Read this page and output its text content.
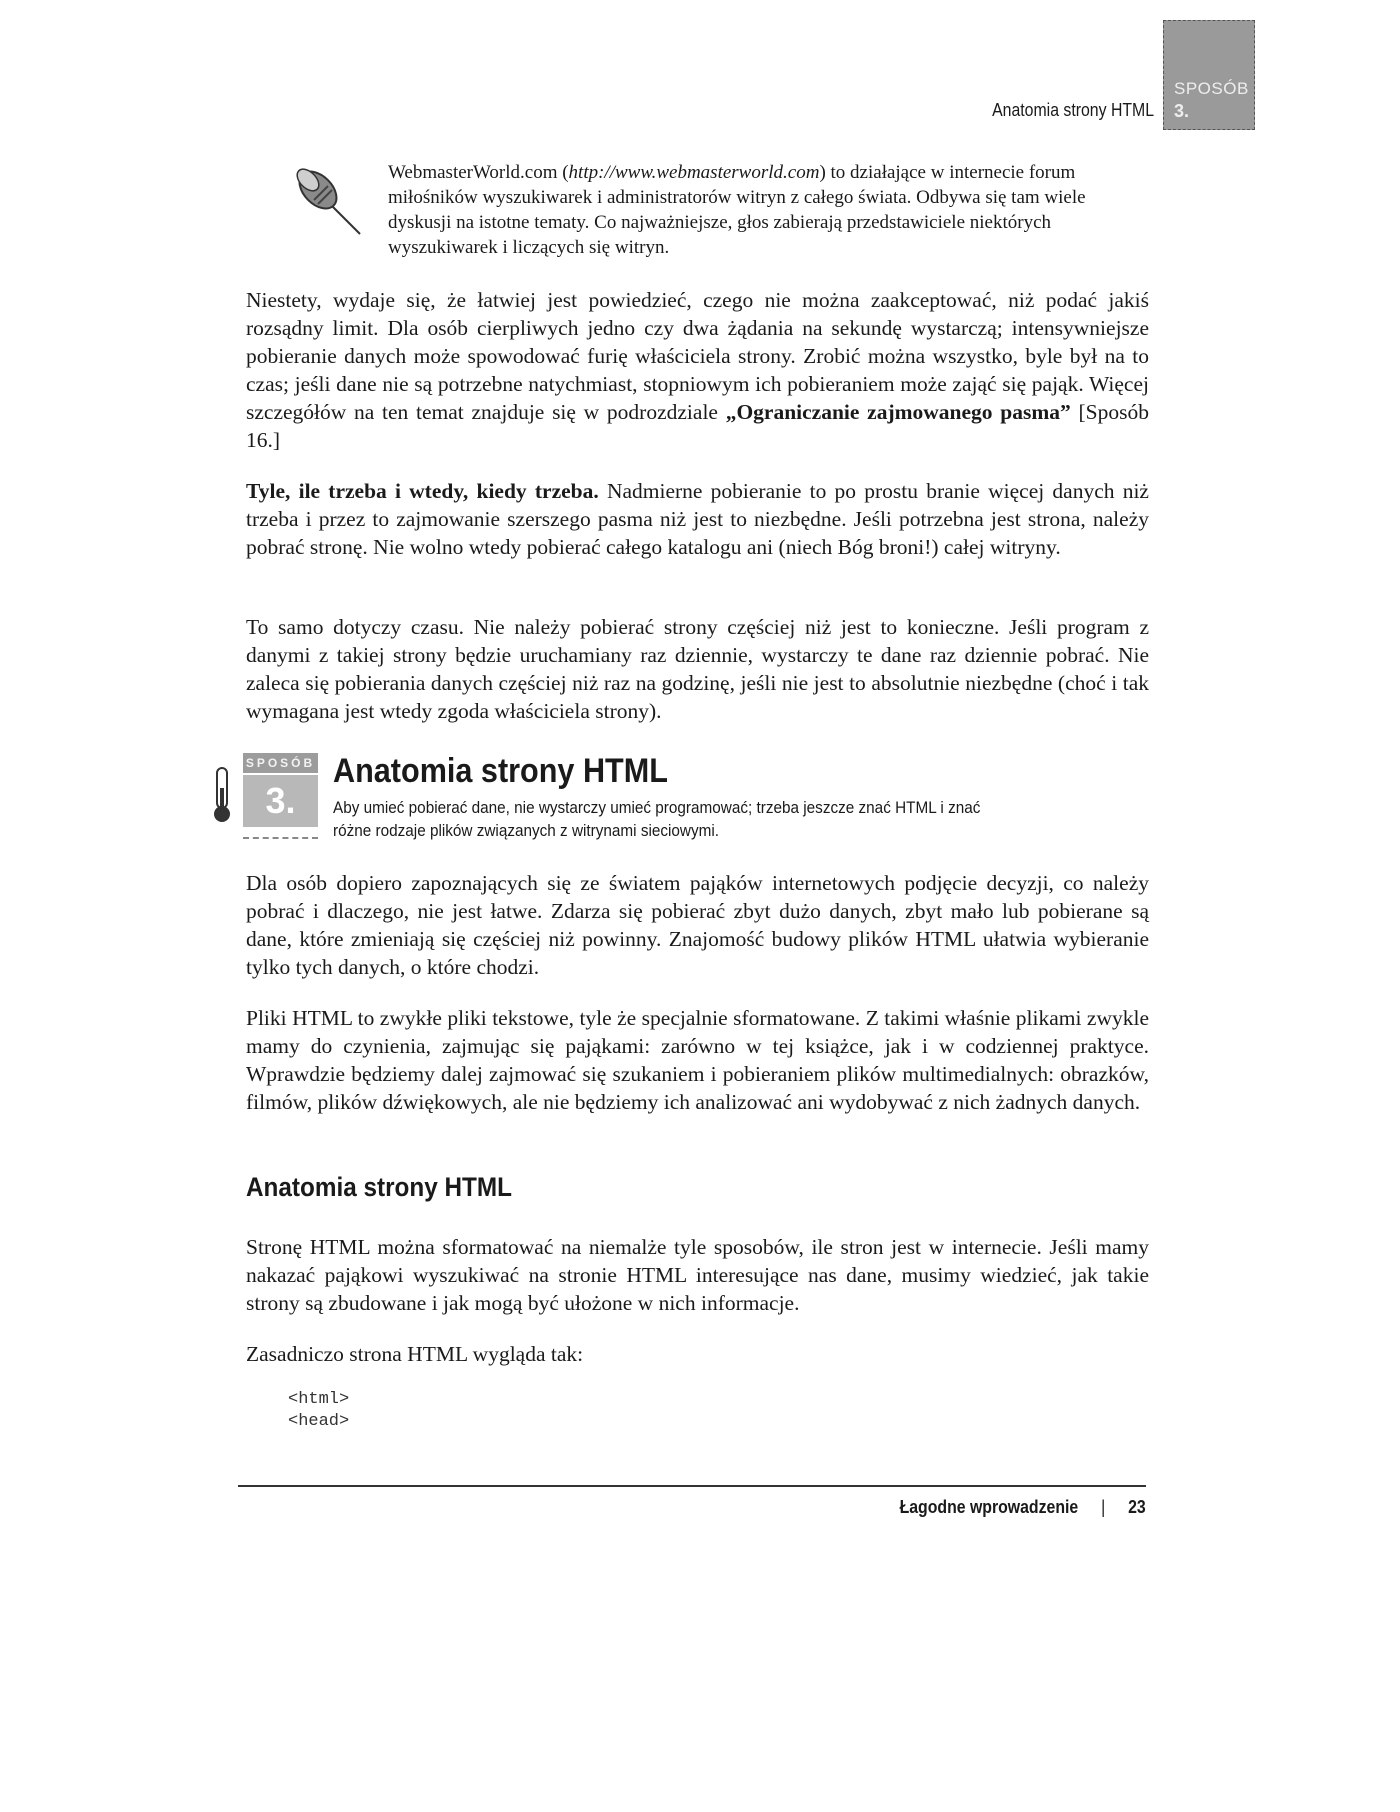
Anatomia strony HTML
SPOSÓB
3.
WebmasterWorld.com (http://www.webmasterworld.com) to działające w internecie forum miłośników wyszukiwarek i administratorów witryn z całego świata. Odbywa się tam wiele dyskusji na istotne tematy. Co najważniejsze, głos zabierają przedstawiciele niektórych wyszukiwarek i liczących się witryn.

Niestety, wydaje się, że łatwiej jest powiedzieć, czego nie można zaakceptować, niż podać jakiś rozsądny limit. Dla osób cierpliwych jedno czy dwa żądania na sekundę wystarczą; intensywniejsze pobieranie danych może spowodować furię właściciela strony. Zrobić można wszystko, byle był na to czas; jeśli dane nie są potrzebne natychmiast, stopniowym ich pobieraniem może zająć się pająk. Więcej szczegółów na ten temat znajduje się w podrozdziale „Ograniczanie zajmowanego pasma” [Sposób 16.]

Tyle, ile trzeba i wtedy, kiedy trzeba. Nadmierne pobieranie to po prostu branie więcej danych niż trzeba i przez to zajmowanie szerszego pasma niż jest to niezbędne. Jeśli potrzebna jest strona, należy pobrać stronę. Nie wolno wtedy pobierać całego katalogu ani (niech Bóg broni!) całej witryny.

To samo dotyczy czasu. Nie należy pobierać strony częściej niż jest to konieczne. Jeśli program z danymi z takiej strony będzie uruchamiany raz dziennie, wystarczy te dane raz dziennie pobrać. Nie zaleca się pobierania danych częściej niż raz na godzinę, jeśli nie jest to absolutnie niezbędne (choć i tak wymagana jest wtedy zgoda właściciela strony).

SPOSÓB
3.
Anatomia strony HTML
Aby umieć pobierać dane, nie wystarczy umieć programować; trzeba jeszcze znać HTML i znać różne rodzaje plików związanych z witrynami sieciowymi.

Dla osób dopiero zapoznających się ze światem pająków internetowych podjęcie decyzji, co należy pobrać i dlaczego, nie jest łatwe. Zdarza się pobierać zbyt dużo danych, zbyt mało lub pobierane są dane, które zmieniają się częściej niż powinny. Znajomość budowy plików HTML ułatwia wybieranie tylko tych danych, o które chodzi.

Pliki HTML to zwykłe pliki tekstowe, tyle że specjalnie sformatowane. Z takimi właśnie plikami zwykle mamy do czynienia, zajmując się pająkami: zarówno w tej książce, jak i w codziennej praktyce. Wprawdzie będziemy dalej zajmować się szukaniem i pobieraniem plików multimedialnych: obrazków, filmów, plików dźwiękowych, ale nie będziemy ich analizować ani wydobywać z nich żadnych danych.

Anatomia strony HTML

Stronę HTML można sformatować na niemalże tyle sposobów, ile stron jest w internecie. Jeśli mamy nakazać pająkowi wyszukiwać na stronie HTML interesujące nas dane, musimy wiedzieć, jak takie strony są zbudowane i jak mogą być ułożone w nich informacje.

Zasadniczo strona HTML wygląda tak:

<html>
<head>
Łagodne wprowadzenie | 23
